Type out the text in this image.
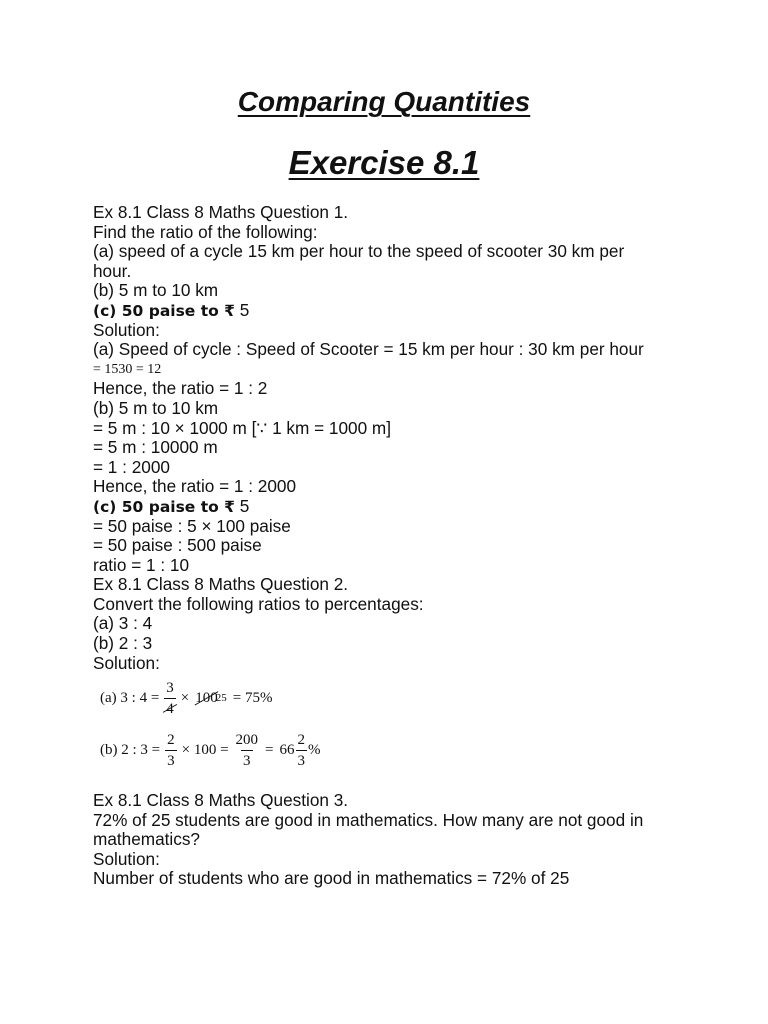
Comparing Quantities
Exercise 8.1
Ex 8.1 Class 8 Maths Question 1.
Find the ratio of the following:
(a) speed of a cycle 15 km per hour to the speed of scooter 30 km per
hour.
(b) 5 m to 10 km
(c) 50 paise to ₹ 5
Solution:
(a) Speed of cycle : Speed of Scooter = 15 km per hour : 30 km per hour
= 1530 = 12
Hence, the ratio = 1 : 2
(b) 5 m to 10 km
= 5 m : 10 × 1000 m [∵ 1 km = 1000 m]
= 5 m : 10000 m
= 1 : 2000
Hence, the ratio = 1 : 2000
(c) 50 paise to ₹ 5
= 50 paise : 5 × 100 paise
= 50 paise : 500 paise
ratio = 1 : 10
Ex 8.1 Class 8 Maths Question 2.
Convert the following ratios to percentages:
(a) 3 : 4
(b) 2 : 3
Solution:
(a) 3 : $4 = \frac{3}{4} \times 100$
25 = 75%
(b) 2 : $3 = \frac{2}{3} \times 100 = \frac{200}{3} = 66 \frac{2}{3}$ %
Ex 8.1 Class 8 Maths Question 3.
72% of 25 students are good in mathematics. How many are not good in
mathematics?
Solution:
Number of students who are good in mathematics = 72% of 25
